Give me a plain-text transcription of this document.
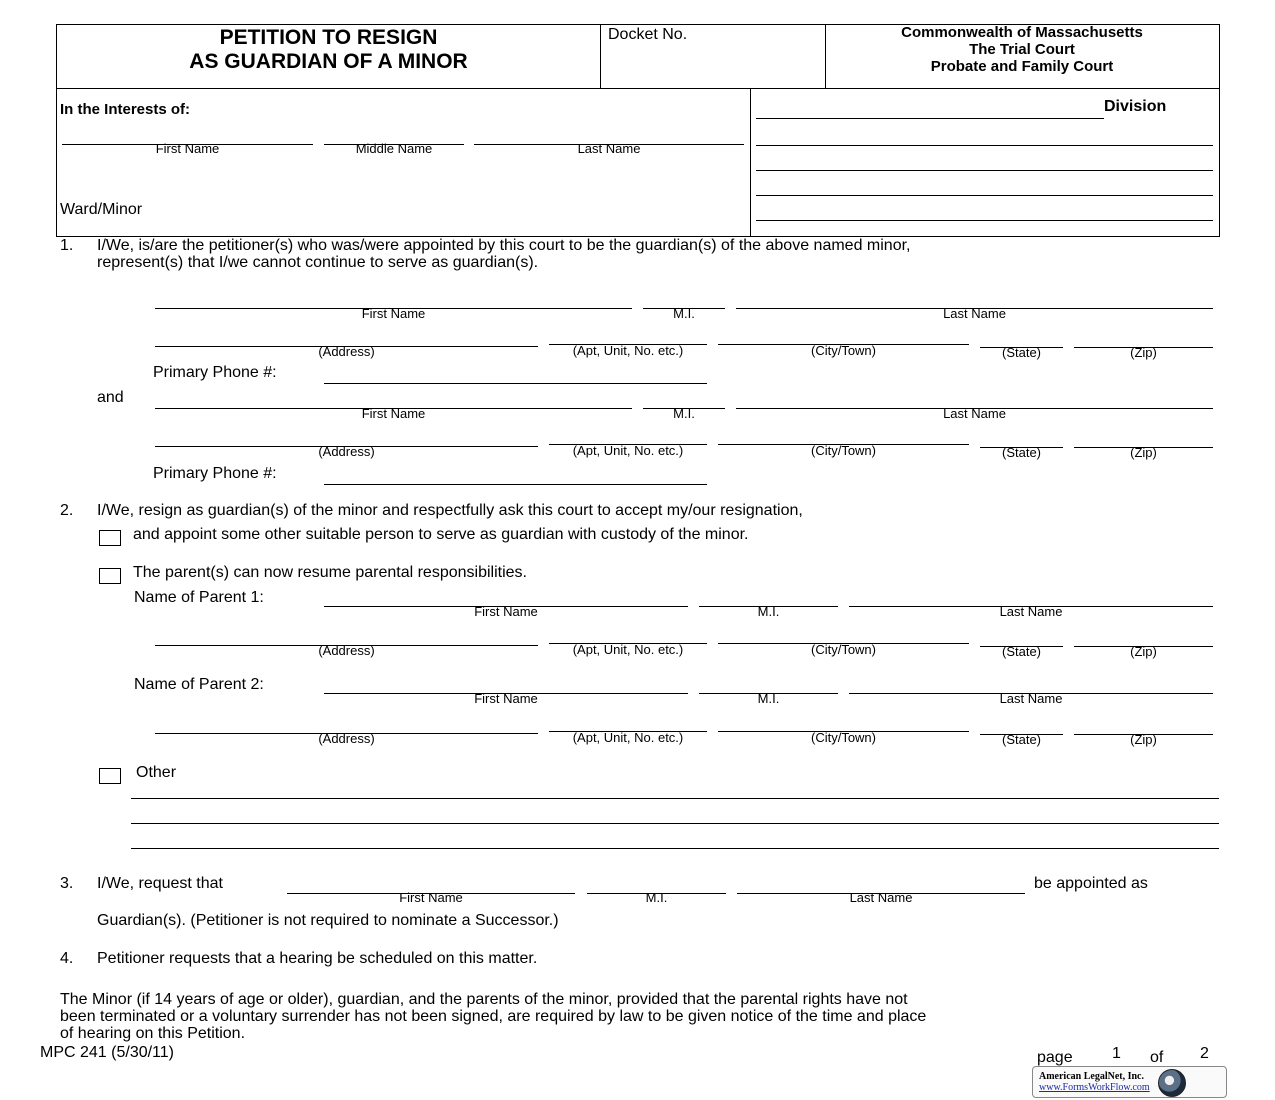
PETITION TO RESIGN
AS GUARDIAN OF A MINOR
Docket No.	Commonwealth of Massachusetts
The Trial Court
Probate and Family Court
In the Interests of:
First Name	Middle Name	Last Name
Ward/Minor
Division
1. I/We, is/are the petitioner(s) who was/were appointed by this court to be the guardian(s) of the above named minor,
represent(s) that I/we cannot continue to serve as guardian(s).
First Name	M.I.	Last Name
(Address)	(Apt, Unit, No. etc.)	(City/Town)	(State)	(Zip)
Primary Phone #:
and
First Name	M.I.	Last Name
(Address)	(Apt, Unit, No. etc.)	(City/Town)	(State)	(Zip)
Primary Phone #:
2. I/We, resign as guardian(s) of the minor and respectfully ask this court to accept my/our resignation,
and appoint some other suitable person to serve as guardian with custody of the minor.
The parent(s) can now resume parental responsibilities.
Name of Parent 1:
First Name	M.I.	Last Name
(Address)	(Apt, Unit, No. etc.)	(City/Town)	(State)	(Zip)
Name of Parent 2:
First Name	M.I.	Last Name
(Address)	(Apt, Unit, No. etc.)	(City/Town)	(State)	(Zip)
Other
3. I/We, request that
First Name	M.I.	Last Name
be appointed as
Guardian(s). (Petitioner is not required to nominate a Successor.)
4. Petitioner requests that a hearing be scheduled on this matter.
The Minor (if 14 years of age or older), guardian, and the parents of the minor, provided that the parental rights have not
been terminated or a voluntary surrender has not been signed, are required by law to be given notice of the time and place
of hearing on this Petition.
MPC 241 (5/30/11)	page 1 of 2
American LegalNet, Inc.
www.FormsWorkFlow.com
